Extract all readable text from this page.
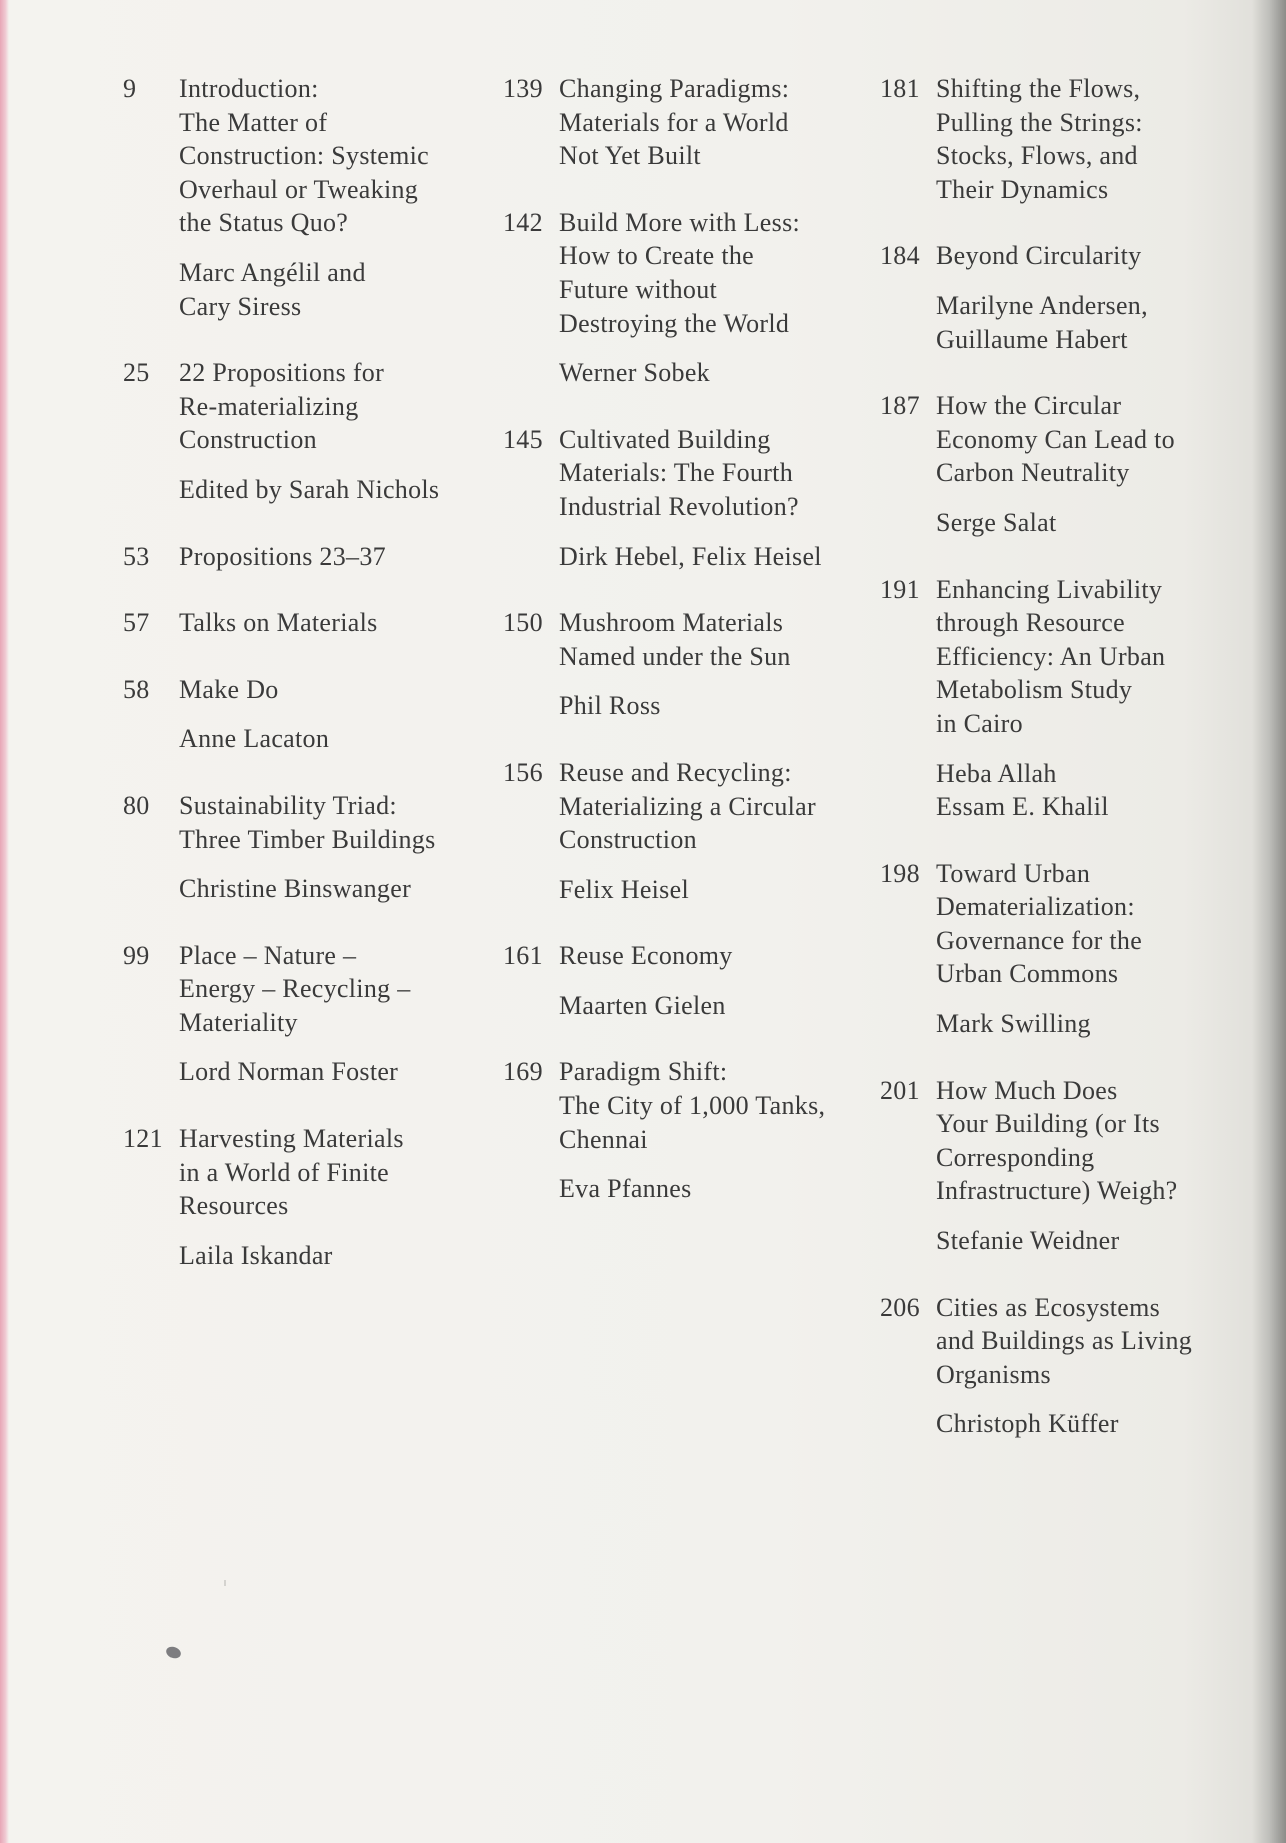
9	Introduction:
The Matter of
Construction: Systemic
Overhaul or Tweaking
the Status Quo?
Marc Angélil and
Cary Siress
25	22 Propositions for
Re-materializing
Construction
Edited by Sarah Nichols
53	Propositions 23–37
57	Talks on Materials
58	Make Do
Anne Lacaton
80	Sustainability Triad:
Three Timber Buildings
Christine Binswanger
99	Place – Nature –
Energy – Recycling –
Materiality
Lord Norman Foster
121 Harvesting Materials
in a World of Finite
Resources
Laila Iskandar
139 Changing Paradigms:
Materials for a World
Not Yet Built
142 Build More with Less:
How to Create the
Future without
Destroying the World
Werner Sobek
145 Cultivated Building
Materials: The Fourth
Industrial Revolution?
Dirk Hebel, Felix Heisel
150 Mushroom Materials
Named under the Sun
Phil Ross
156 Reuse and Recycling:
Materializing a Circular
Construction
Felix Heisel
161 Reuse Economy
Maarten Gielen
169 Paradigm Shift:
The City of 1,000 Tanks,
Chennai
Eva Pfannes
181 Shifting the Flows,
Pulling the Strings:
Stocks, Flows, and
Their Dynamics
184 Beyond Circularity
Marilyne Andersen,
Guillaume Habert
187 How the Circular
Economy Can Lead to
Carbon Neutrality
Serge Salat
191 Enhancing Livability
through Resource
Efficiency: An Urban
Metabolism Study
in Cairo
Heba Allah
Essam E. Khalil
198 Toward Urban
Dematerialization:
Governance for the
Urban Commons
Mark Swilling
201 How Much Does
Your Building (or Its
Corresponding
Infrastructure) Weigh?
Stefanie Weidner
206 Cities as Ecosystems
and Buildings as Living
Organisms
Christoph Küffer
